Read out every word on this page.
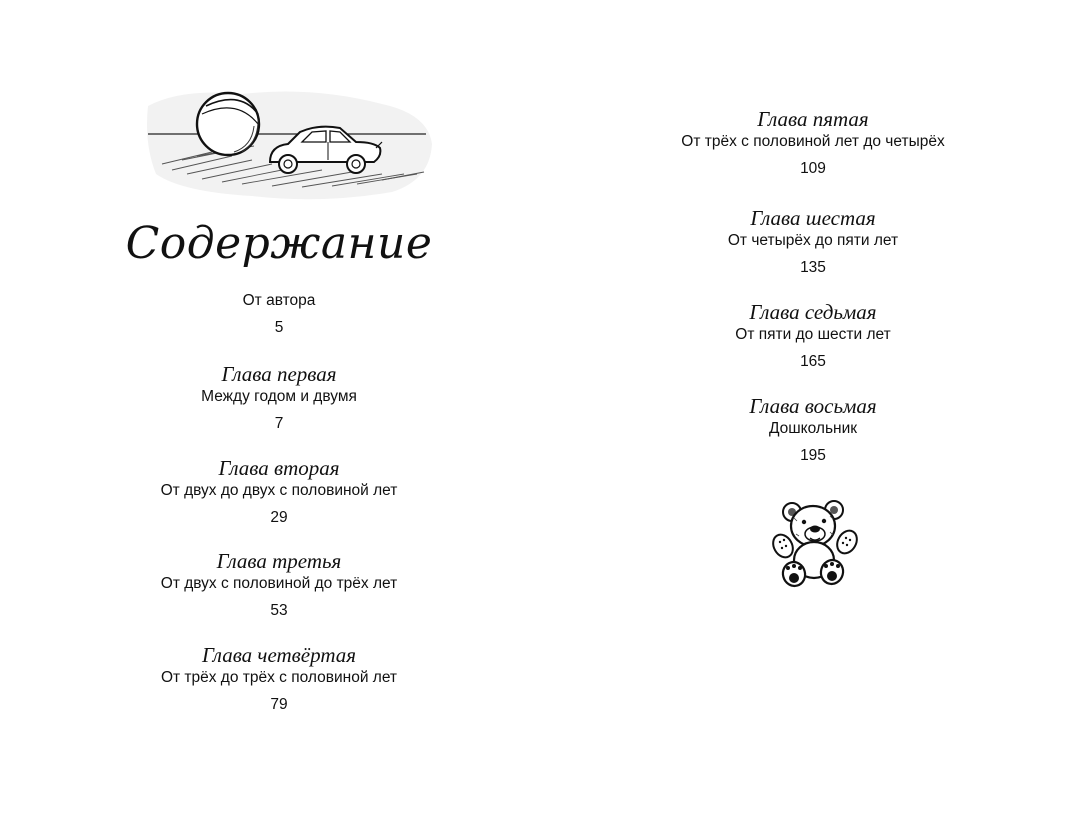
Содержание
От автора
5
Глава первая
Между годом и двумя
7
Глава вторая
От двух до двух с половиной лет
29
Глава третья
От двух с половиной до трёх лет
53
Глава четвёртая
От трёх до трёх с половиной лет
79
Глава пятая
От трёх с половиной лет до четырёх
109
Глава шестая
От четырёх до пяти лет
135
Глава седьмая
От пяти до шести лет
165
Глава восьмая
Дошкольник
195
